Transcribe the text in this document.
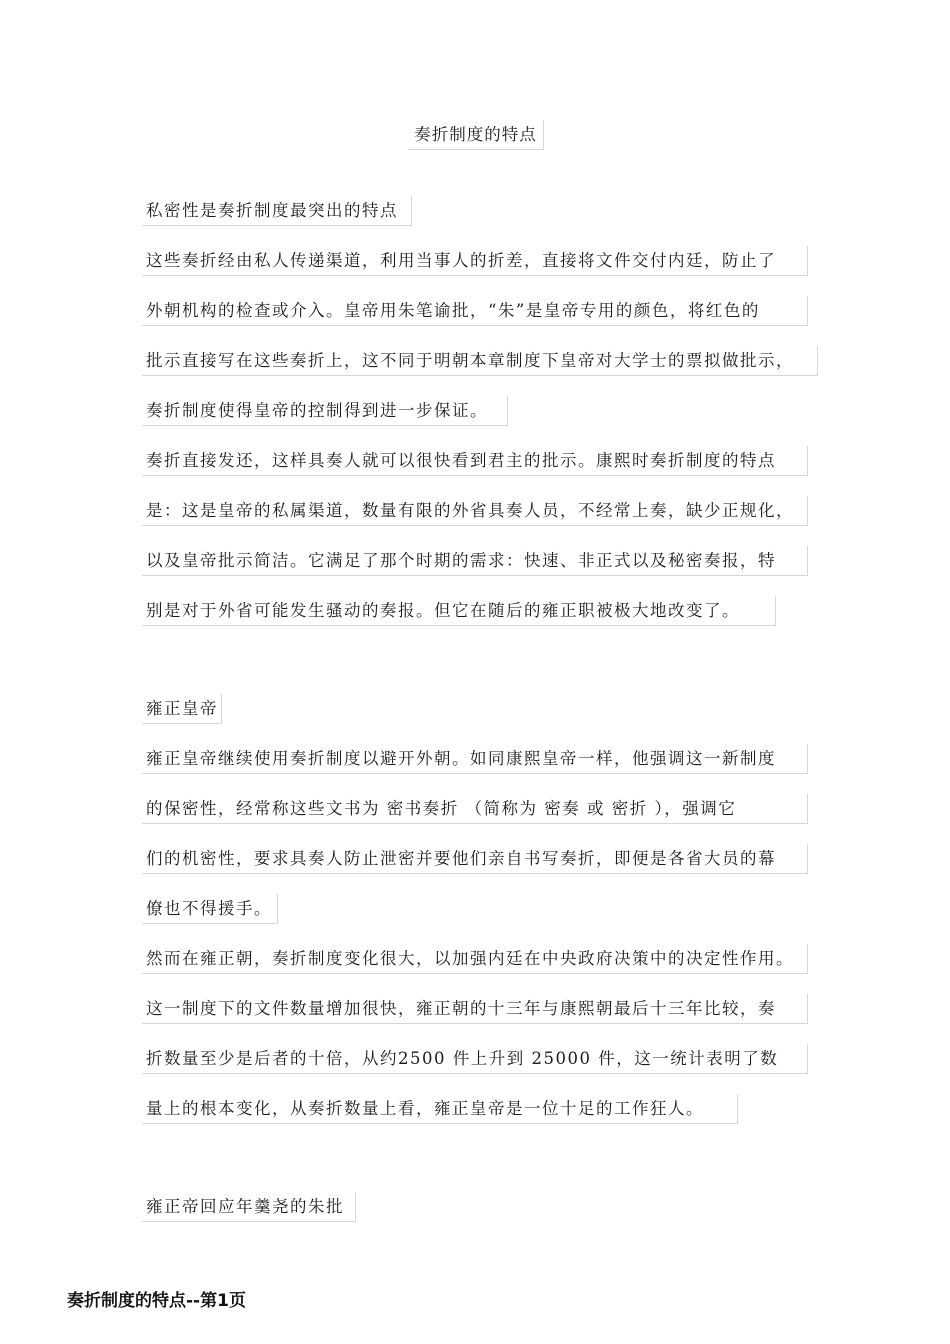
奏折制度的特点
私密性是奏折制度最突出的特点
这些奏折经由私人传递渠道，利用当事人的折差，直接将文件交付内廷，防止了
外朝机构的检查或介入。皇帝用朱笔谕批，“朱”是皇帝专用的颜色，将红色的
批示直接写在这些奏折上，这不同于明朝本章制度下皇帝对大学士的票拟做批示，
奏折制度使得皇帝的控制得到进一步保证。
奏折直接发还，这样具奏人就可以很快看到君主的批示。康熙时奏折制度的特点
是：这是皇帝的私属渠道，数量有限的外省具奏人员，不经常上奏，缺少正规化，
以及皇帝批示简洁。它满足了那个时期的需求：快速、非正式以及秘密奏报，特
别是对于外省可能发生骚动的奏报。但它在随后的雍正职被极大地改变了。
雍正皇帝
雍正皇帝继续使用奏折制度以避开外朝。如同康熙皇帝一样，他强调这一新制度
的保密性，经常称这些文书为 密书奏折 （简称为 密奏 或 密折 ），强调它
们的机密性，要求具奏人防止泄密并要他们亲自书写奏折，即便是各省大员的幕
僚也不得援手。
然而在雍正朝，奏折制度变化很大，以加强内廷在中央政府决策中的决定性作用。
这一制度下的文件数量增加很快，雍正朝的十三年与康熙朝最后十三年比较，奏
折数量至少是后者的十倍，从约2500 件上升到 25000 件，这一统计表明了数
量上的根本变化，从奏折数量上看，雍正皇帝是一位十足的工作狂人。
雍正帝回应年羹尧的朱批
奏折制度的特点--第1页
